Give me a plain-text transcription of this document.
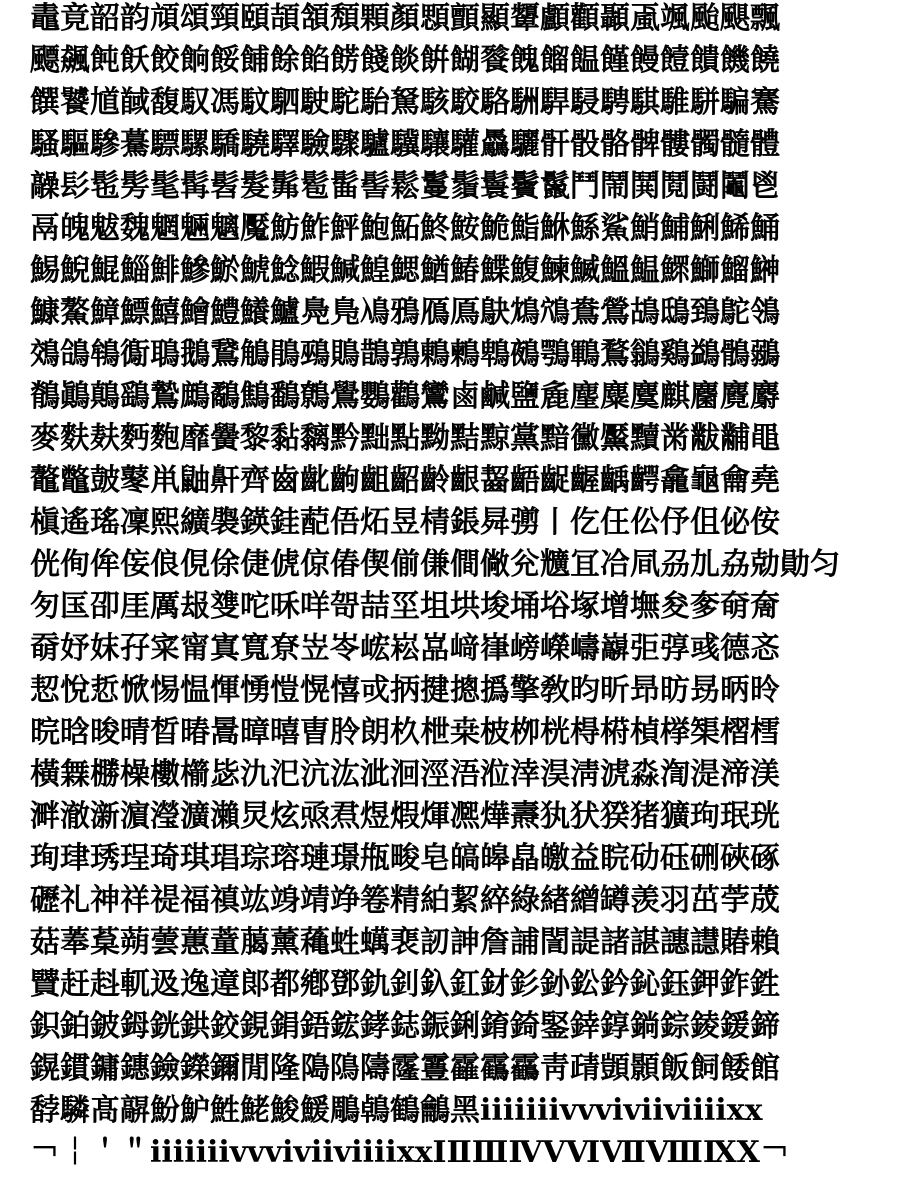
鼃竟韶韵頏頌頸頤頡頷頽顆顏顋顫顯顰顱顴顳颪颯颱颶飄
飃飆飩飫餃餉餒餔餘餡餝餞餤餠餬餮餽餾饂饉饅饐饋饑饒
饌饕馗馘馥馭馮馼駟駛駝駘駑駭駮駱駲駻駸騁騏騅駢騙騫
騷驅驂驀驃騾驕驍驛驗驟驢驥驤驩驫驪骭骰骼髀髏髑髓體
髞髟髢髣髦髯髫髮髴髱髷髻鬆鬘鬚鬟鬢鬣鬥鬧鬨鬩鬪鬮鬯
鬲魄魃魏魍魎魑魘魴鮓鮃鮑鮖鮗鮟鮠鮨鮴鯀鯊鮹鯆鯏鯑鯒
鯣鯢鯤鯔鯡鰺鯲鯱鯰鰕鰔鰉鰓鰌鰆鰈鰒鰊鰄鰮鰛鰥鰤鰡鰰
鱇鰲鱆鰾鱚鱠鱧鱶鱸鳧鳬鳰鴉鴈鳫鴃鴆鴪鴦鶯鴣鴟鵄鴕鴒
鵁鴿鴾鵆鵈鵝鵞鵤鵑鵐鵙鵲鶉鶇鶫鵯鵺鶚鶤鶩鶲鷄鷁鶻鶸
鶺鷆鷏鷂鷙鷓鷸鷦鷭鷯鷽鸚鸛鸞鹵鹹鹽麁麈麋麌麒麕麑麝
麥麩麸麪麭靡黌黎黏黐黔黜點黝黠黥黨黯黴黶黷黹黻黼黽
鼇鼈皷鼕鼡鼬鼾齊齒齔齣齟齠齡齦齧齬齪齷齲齶龕龜龠堯
槇遙瑤凜熙纊褜鍈銈蓜俉炻昱棈鋹曻彅丨仡仼伀伃伹佖侒
侊侚侔侫俍俔俆倢俿倞偆偰偂傔僴僘兊兤冝冾凬刕劜劦勀勛匀
匇匤卲厓厲叝﨎咜咊咩哿喆坙坥垬埈埇﨏塚增墲夋奓奛奝
奣妤妺孖寀甯寘寬尞岦岺峵崧嵓﨑嵂嵭嶸嶹巐弡弴彧德忞
恝悅悊惞惕愠惲愑愷愰憘戓抦揵摠撝擎敎昀昕昻昉昮昞昤
晥晗晙晴晳暙暠暲暿曺朎朗杦枻桒柀栁桄棏﨓楨﨔榘槢樰
橫橆橳橾櫢櫤毖氿汜沆汯泚洄涇浯涖涬淏淸淲淼渹湜渧渼
溿澈澵濵瀅瀇瀨炅炫焏焄煜煆煇凞燁燾犱犾猤猪獷玽珉珖
珣珒琇珵琦琪琩琮瑢璉璟甁畯皂皜皞皛皦益睆劯砡硎硤硺
礰礼神祥禔福禛竑竧靖竫箞精絈絜綷綠緖繒罇羡羽茁荢荿
菇菶葈蒴蕓蕙蕫﨟薰蘒﨡蠇裵訒訷詹誧誾諟諸諶譓譿賰賴
贒赶﨣軏﨤逸遧郞都鄕鄧釚釗釞釭釮釤釥鈆鈐鈊鈺鉀鈼鉎
鉙鉑鈹鉧銧鉷鉸鋧鋗鋙鋐﨧鋕鋠鋓錥錡鋻﨨錞鋿錝錂鍰鍗
鎤鏆鏞鏸鐱鑅鑈閒隆﨩隝隯霳霻靃靍靏靑靕顗顥飯飼餧館
馞驎髙髜魵魲鮏鮱鮻鰀鵰鵫鶴鸙黑ⅰⅱⅲⅳⅴⅵⅶⅷⅸⅹ
￢￤＇＂ⅰⅱⅲⅳⅴⅵⅶⅷⅸⅹⅠⅡⅢⅣⅤⅥⅦⅧⅨⅩ￢
